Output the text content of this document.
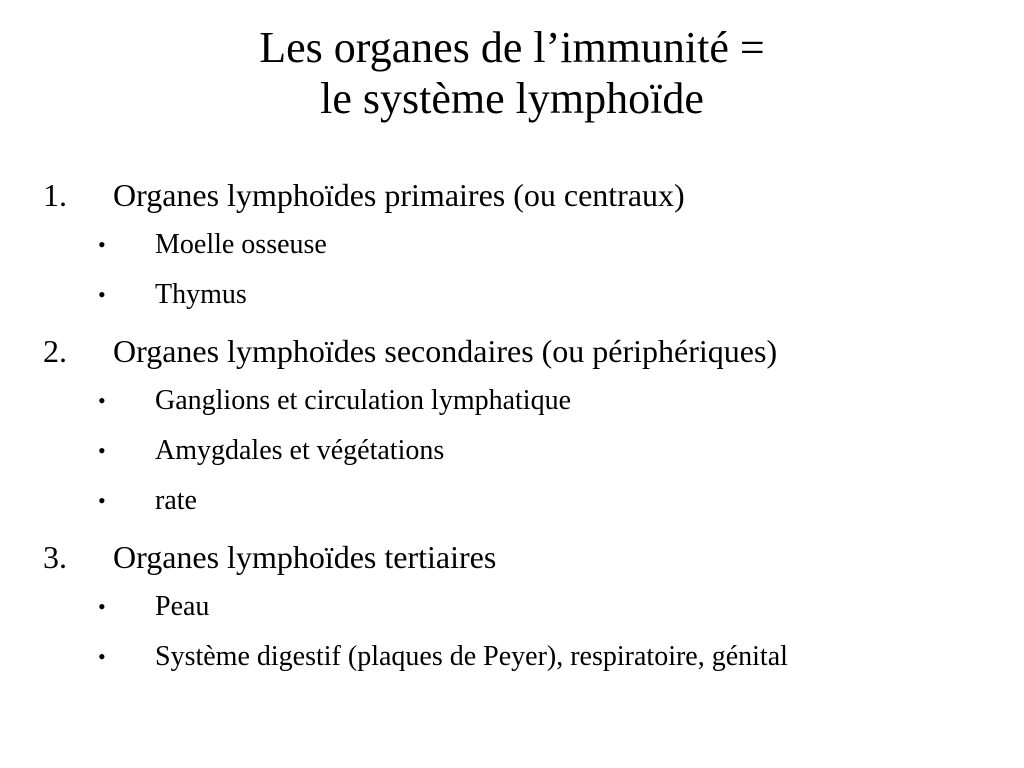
Les organes de l’immunité =
le système lymphoïde
1. Organes lymphoïdes primaires (ou centraux)
• Moelle osseuse
• Thymus
2. Organes lymphoïdes secondaires (ou périphériques)
• Ganglions et circulation lymphatique
• Amygdales et végétations
• rate
3. Organes lymphoïdes tertiaires
• Peau
• Système digestif (plaques de Peyer), respiratoire, génital
